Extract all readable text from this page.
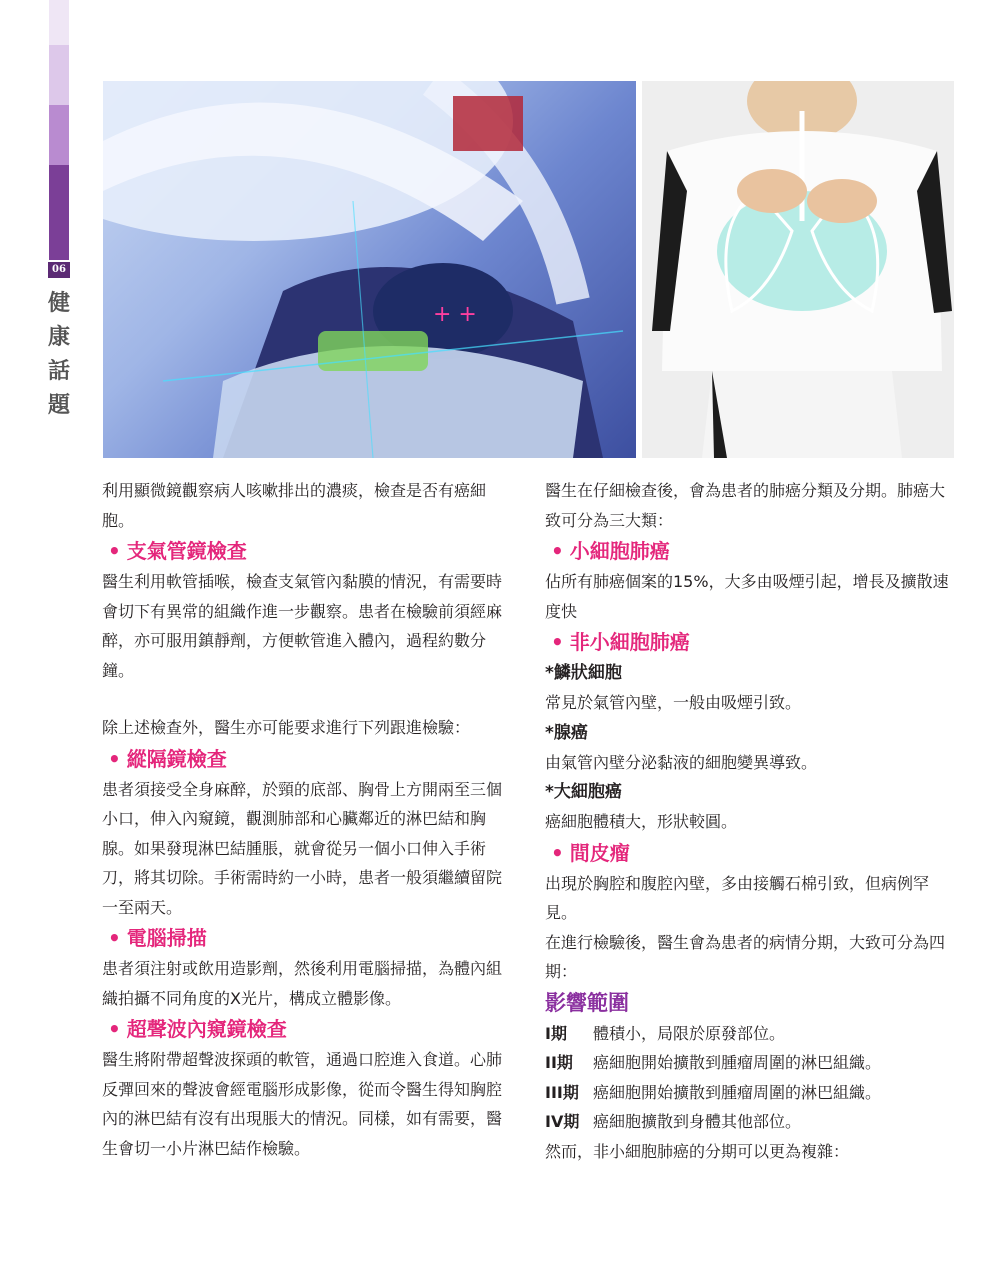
06
健康話題
+ +

利用顯微鏡觀察病人咳嗽排出的濃痰，檢查是否有癌細胞。

• 支氣管鏡檢查

醫生利用軟管插喉，檢查支氣管內黏膜的情況，有需要時會切下有異常的組織作進一步觀察。患者在檢驗前須經麻醉，亦可服用鎮靜劑，方便軟管進入體內，過程約數分鐘。

除上述檢查外，醫生亦可能要求進行下列跟進檢驗：

• 縱隔鏡檢查

患者須接受全身麻醉，於頸的底部、胸骨上方開兩至三個小口，伸入內窺鏡，觀測肺部和心臟鄰近的淋巴結和胸腺。如果發現淋巴結腫脹，就會從另一個小口伸入手術刀，將其切除。手術需時約一小時，患者一般須繼續留院一至兩天。

• 電腦掃描

患者須注射或飲用造影劑，然後利用電腦掃描，為體內組織拍攝不同角度的X光片，構成立體影像。

• 超聲波內窺鏡檢查

醫生將附帶超聲波探頭的軟管，通過口腔進入食道。心肺反彈回來的聲波會經電腦形成影像，從而令醫生得知胸腔內的淋巴結有沒有出現脹大的情況。同樣，如有需要，醫生會切一小片淋巴結作檢驗。

醫生在仔細檢查後，會為患者的肺癌分類及分期。肺癌大致可分為三大類：

• 小細胞肺癌

佔所有肺癌個案的15%，大多由吸煙引起，增長及擴散速度快

• 非小細胞肺癌

*鱗狀細胞

常見於氣管內壁，一般由吸煙引致。

*腺癌

由氣管內壁分泌黏液的細胞變異導致。

*大細胞癌

癌細胞體積大，形狀較圓。

• 間皮瘤

出現於胸腔和腹腔內壁，多由接觸石棉引致，但病例罕見。

在進行檢驗後，醫生會為患者的病情分期，大致可分為四期：

影響範圍

I期	體積小，局限於原發部位。
II期	癌細胞開始擴散到腫瘤周圍的淋巴組織。
III期 癌細胞開始擴散到腫瘤周圍的淋巴組織。
IV期 癌細胞擴散到身體其他部位。

然而，非小細胞肺癌的分期可以更為複雜：
